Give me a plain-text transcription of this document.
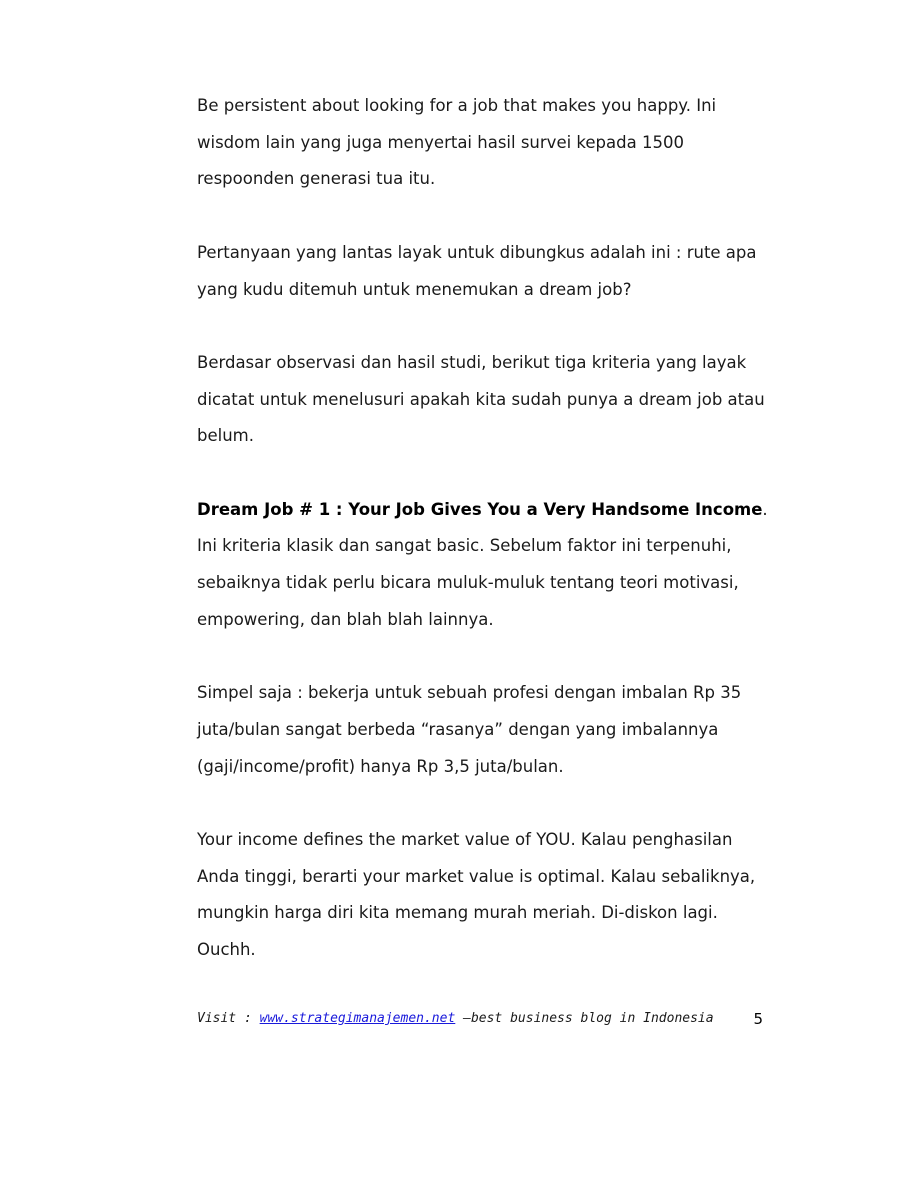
Be persistent about looking for a job that makes you happy. Ini wisdom lain yang juga menyertai hasil survei kepada 1500 respoonden generasi tua itu.

Pertanyaan yang lantas layak untuk dibungkus adalah ini : rute apa yang kudu ditemuh untuk menemukan a dream job?

Berdasar observasi dan hasil studi, berikut tiga kriteria yang layak dicatat untuk menelusuri apakah kita sudah punya a dream job atau belum.

Dream Job # 1 : Your Job Gives You a Very Handsome Income. Ini kriteria klasik dan sangat basic. Sebelum faktor ini terpenuhi, sebaiknya tidak perlu bicara muluk-muluk tentang teori motivasi, empowering, dan blah blah lainnya.

Simpel saja : bekerja untuk sebuah profesi dengan imbalan Rp 35 juta/bulan sangat berbeda “rasanya” dengan yang imbalannya (gaji/income/profit) hanya Rp 3,5 juta/bulan.

Your income defines the market value of YOU. Kalau penghasilan Anda tinggi, berarti your market value is optimal. Kalau sebaliknya, mungkin harga diri kita memang murah meriah. Di-diskon lagi. Ouchh.

Visit : www.strategimanajemen.net –best business blog in Indonesia	5
